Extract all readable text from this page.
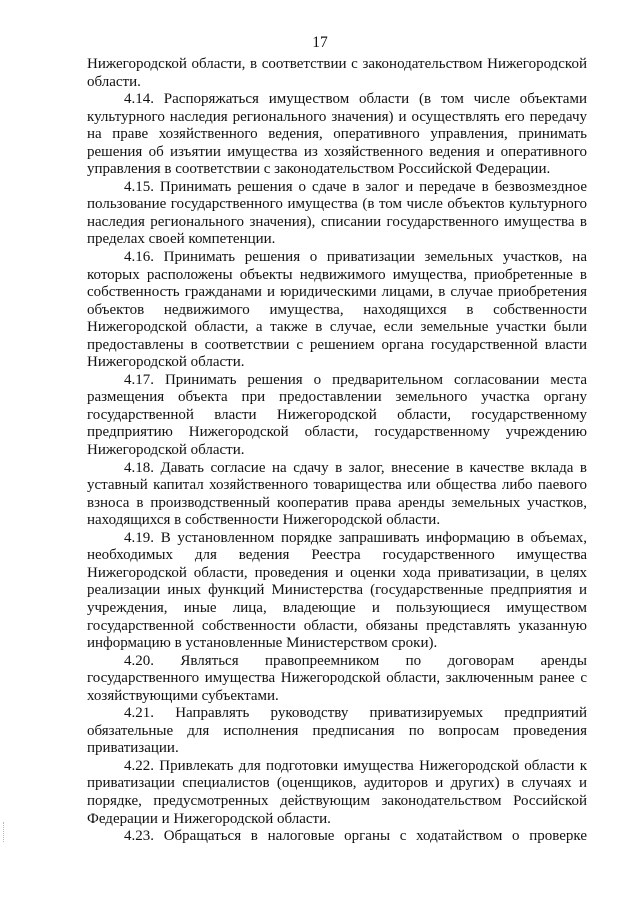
17
Нижегородской области, в соответствии с законодательством Нижегородской
области.
4.14. Распоряжаться имуществом области (в том числе объектами
культурного наследия регионального значения) и осуществлять его передачу
на праве хозяйственного ведения, оперативного управления, принимать
решения об изъятии имущества из хозяйственного ведения и оперативного
управления в соответствии с законодательством Российской Федерации.
4.15. Принимать решения о сдаче в залог и передаче в безвозмездное
пользование государственного имущества (в том числе объектов культурного
наследия регионального значения), списании государственного имущества в
пределах своей компетенции.
4.16. Принимать решения о приватизации земельных участков, на
которых расположены объекты недвижимого имущества, приобретенные в
собственность гражданами и юридическими лицами, в случае приобретения
объектов недвижимого имущества, находящихся в собственности
Нижегородской области, а также в случае, если земельные участки были
предоставлены в соответствии с решением органа государственной власти
Нижегородской области.
4.17. Принимать решения о предварительном согласовании места
размещения объекта при предоставлении земельного участка органу
государственной власти Нижегородской области, государственному
предприятию Нижегородской области, государственному учреждению
Нижегородской области.
4.18. Давать согласие на сдачу в залог, внесение в качестве вклада в
уставный капитал хозяйственного товарищества или общества либо паевого
взноса в производственный кооператив права аренды земельных участков,
находящихся в собственности Нижегородской области.
4.19. В установленном порядке запрашивать информацию в объемах,
необходимых для ведения Реестра государственного имущества
Нижегородской области, проведения и оценки хода приватизации, в целях
реализации иных функций Министерства (государственные предприятия и
учреждения, иные лица, владеющие и пользующиеся имуществом
государственной собственности области, обязаны представлять указанную
информацию в установленные Министерством сроки).
4.20. Являться правопреемником по договорам аренды
государственного имущества Нижегородской области, заключенным ранее с
хозяйствующими субъектами.
4.21. Направлять руководству приватизируемых предприятий
обязательные для исполнения предписания по вопросам проведения
приватизации.
4.22. Привлекать для подготовки имущества Нижегородской области к
приватизации специалистов (оценщиков, аудиторов и других) в случаях и
порядке, предусмотренных действующим законодательством Российской
Федерации и Нижегородской области.
4.23. Обращаться в налоговые органы с ходатайством о проверке
